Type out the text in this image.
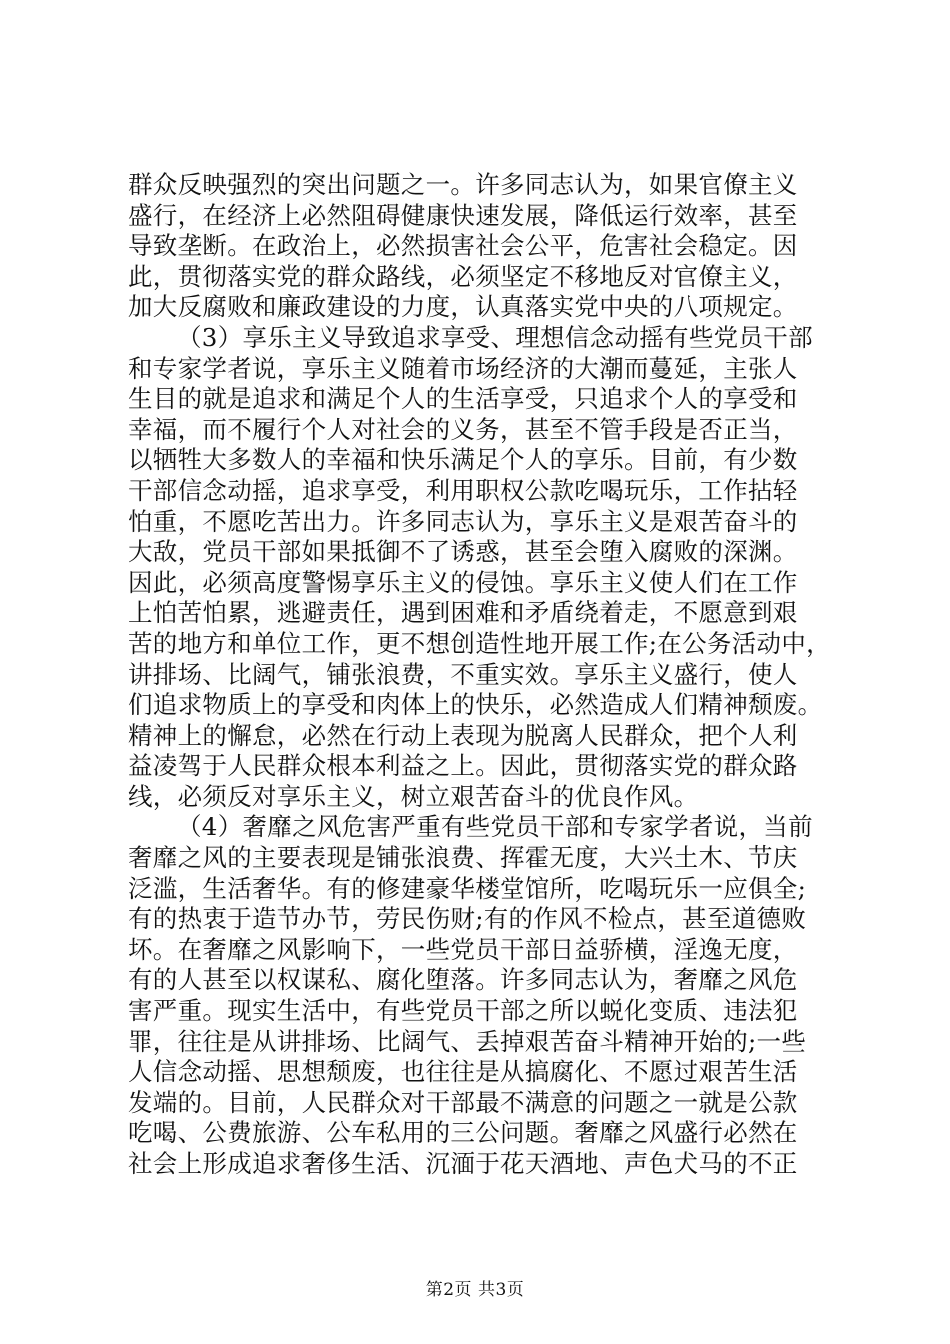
群众反映强烈的突出问题之一。许多同志认为，如果官僚主义
盛行，在经济上必然阻碍健康快速发展，降低运行效率，甚至
导致垄断。在政治上，必然损害社会公平，危害社会稳定。因
此，贯彻落实党的群众路线，必须坚定不移地反对官僚主义，
加大反腐败和廉政建设的力度，认真落实党中央的八项规定。
（3）享乐主义导致追求享受、理想信念动摇有些党员干部
和专家学者说，享乐主义随着市场经济的大潮而蔓延，主张人
生目的就是追求和满足个人的生活享受，只追求个人的享受和
幸福，而不履行个人对社会的义务，甚至不管手段是否正当，
以牺牲大多数人的幸福和快乐满足个人的享乐。目前，有少数
干部信念动摇，追求享受，利用职权公款吃喝玩乐，工作拈轻
怕重，不愿吃苦出力。许多同志认为，享乐主义是艰苦奋斗的
大敌，党员干部如果抵御不了诱惑，甚至会堕入腐败的深渊。
因此，必须高度警惕享乐主义的侵蚀。享乐主义使人们在工作
上怕苦怕累，逃避责任，遇到困难和矛盾绕着走，不愿意到艰
苦的地方和单位工作，更不想创造性地开展工作;在公务活动中，
讲排场、比阔气，铺张浪费，不重实效。享乐主义盛行，使人
们追求物质上的享受和肉体上的快乐，必然造成人们精神颓废。
精神上的懈怠，必然在行动上表现为脱离人民群众，把个人利
益凌驾于人民群众根本利益之上。因此，贯彻落实党的群众路
线，必须反对享乐主义，树立艰苦奋斗的优良作风。
（4）奢靡之风危害严重有些党员干部和专家学者说，当前
奢靡之风的主要表现是铺张浪费、挥霍无度，大兴土木、节庆
泛滥，生活奢华。有的修建豪华楼堂馆所，吃喝玩乐一应俱全;
有的热衷于造节办节，劳民伤财;有的作风不检点，甚至道德败
坏。在奢靡之风影响下，一些党员干部日益骄横，淫逸无度，
有的人甚至以权谋私、腐化堕落。许多同志认为，奢靡之风危
害严重。现实生活中，有些党员干部之所以蜕化变质、违法犯
罪，往往是从讲排场、比阔气、丢掉艰苦奋斗精神开始的;一些
人信念动摇、思想颓废，也往往是从搞腐化、不愿过艰苦生活
发端的。目前，人民群众对干部最不满意的问题之一就是公款
吃喝、公费旅游、公车私用的三公问题。奢靡之风盛行必然在
社会上形成追求奢侈生活、沉湎于花天酒地、声色犬马的不正
第2页 共3页
